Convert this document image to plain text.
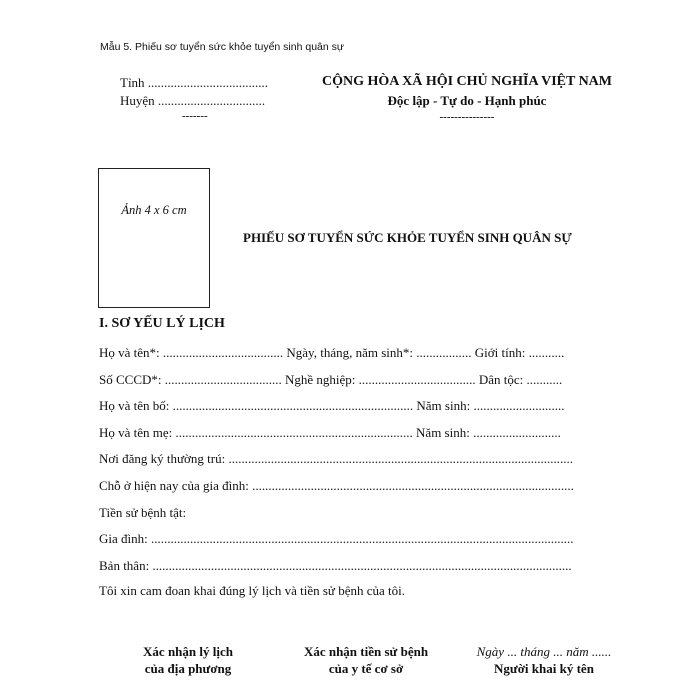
Mẫu 5. Phiếu sơ tuyển sức khỏe tuyển sinh quân sự
Tỉnh .....................................
Huyện .................................
-------
CỘNG HÒA XÃ HỘI CHỦ NGHĨA VIỆT NAM
Độc lập - Tự do - Hạnh phúc
---------------
Ảnh 4 x 6 cm
PHIẾU SƠ TUYỂN SỨC KHỎE TUYỂN SINH QUÂN SỰ
I. SƠ YẾU LÝ LỊCH
Họ và tên*: ..................................... Ngày, tháng, năm sinh*: ................. Giới tính: ...........
Số CCCD*: .................................... Nghề nghiệp: .................................... Dân tộc: ...........
Họ và tên bố: .......................................................................... Năm sinh: ............................
Họ và tên mẹ: ......................................................................... Năm sinh: ...........................
Nơi đăng ký thường trú: ..........................................................................................................
Chỗ ở hiện nay của gia đình: ...................................................................................................
Tiền sử bệnh tật:
Gia đình: ..................................................................................................................................
Bản thân: .................................................................................................................................
Tôi xin cam đoan khai đúng lý lịch và tiền sử bệnh của tôi.
Xác nhận lý lịch
của địa phương
Xác nhận tiền sử bệnh
của y tế cơ sở
Ngày ... tháng ... năm ......
Người khai ký tên
